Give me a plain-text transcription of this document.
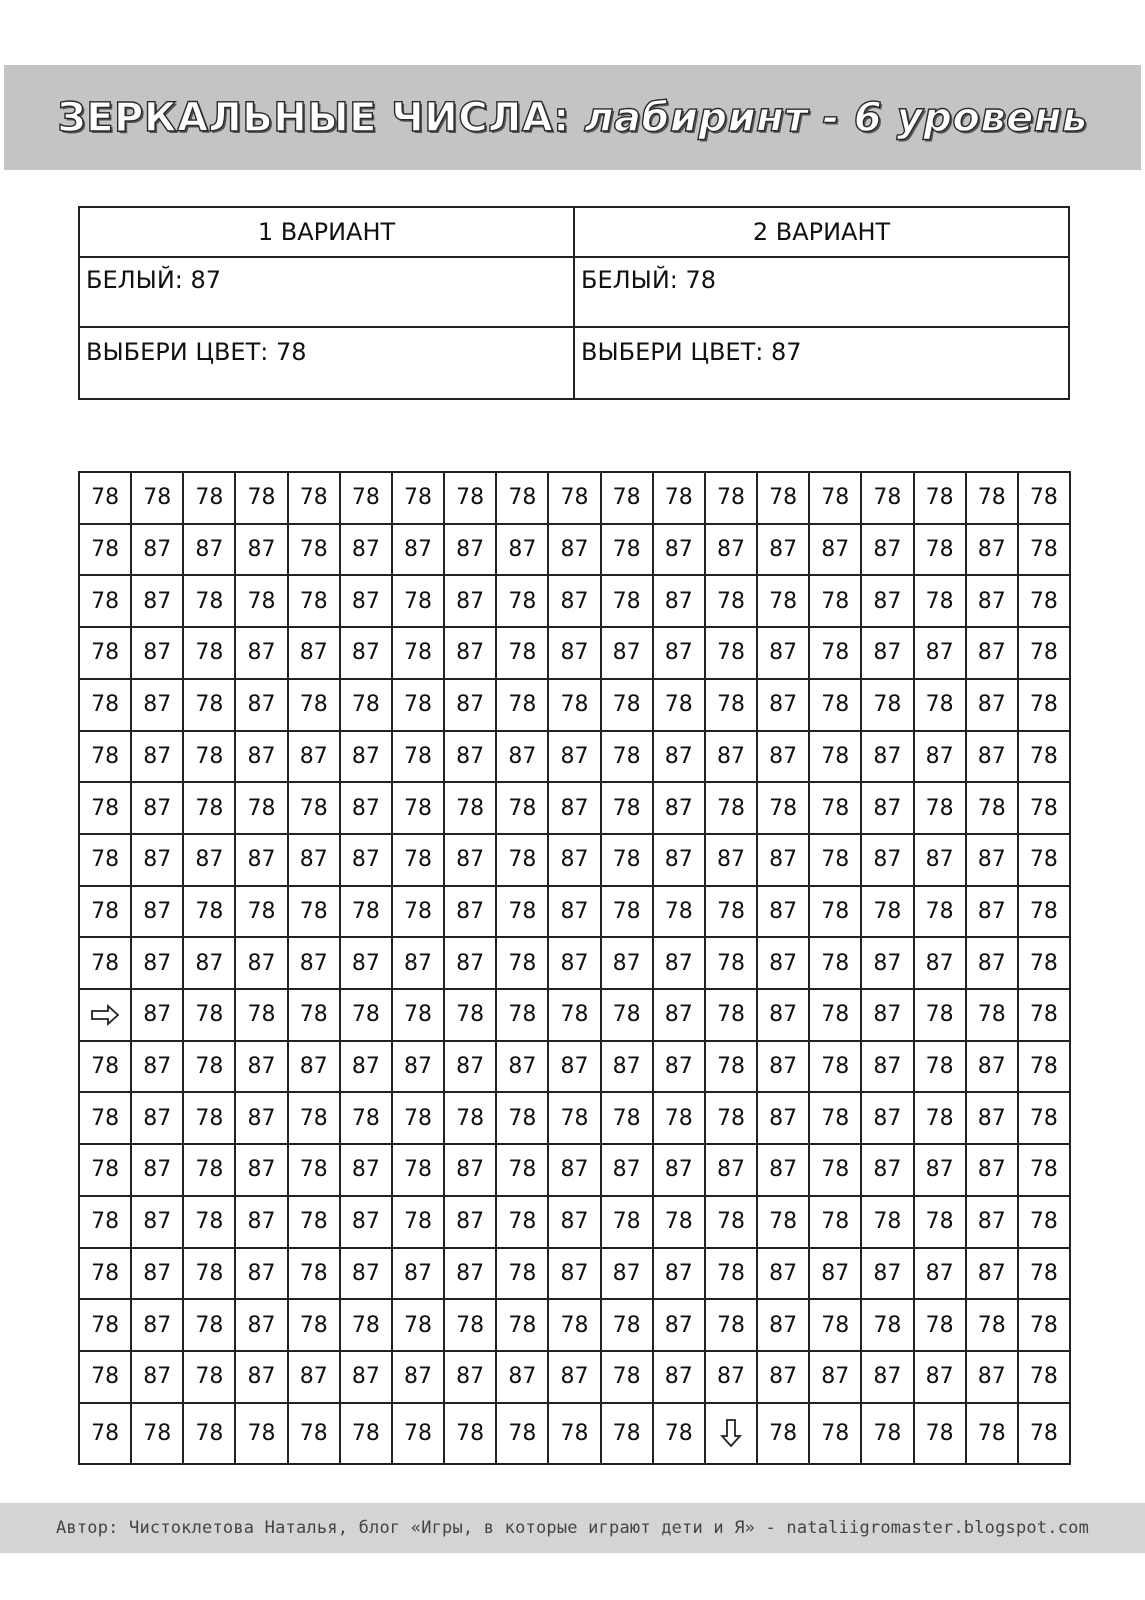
ЗЕРКАЛЬНЫЕ ЧИСЛА: лабиринт - 6 уровень
1 ВАРИАНТ	2 ВАРИАНТ
БЕЛЫЙ: 87	БЕЛЫЙ: 78
ВЫБЕРИ ЦВЕТ: 78	ВЫБЕРИ ЦВЕТ: 87
78	78	78	78	78	78	78	78	78	78	78	78	78	78	78	78	78	78	78
78	87	87	87	78	87	87	87	87	87	78	87	87	87	87	87	78	87	78
78	87	78	78	78	87	78	87	78	87	78	87	78	78	78	87	78	87	78
78	87	78	87	87	87	78	87	78	87	87	87	78	87	78	87	87	87	78
78	87	78	87	78	78	78	87	78	78	78	78	78	87	78	78	78	87	78
78	87	78	87	87	87	78	87	87	87	78	87	87	87	78	87	87	87	78
78	87	78	78	78	87	78	78	78	87	78	87	78	78	78	87	78	78	78
78	87	87	87	87	87	78	87	78	87	78	87	87	87	78	87	87	87	78
78	87	78	78	78	78	78	87	78	87	78	78	78	87	78	78	78	87	78
78	87	87	87	87	87	87	87	78	87	87	87	78	87	78	87	87	87	78
	87	78	78	78	78	78	78	78	78	78	87	78	87	78	87	78	78	78
78	87	78	87	87	87	87	87	87	87	87	87	78	87	78	87	78	87	78
78	87	78	87	78	78	78	78	78	78	78	78	78	87	78	87	78	87	78
78	87	78	87	78	87	78	87	78	87	87	87	87	87	78	87	87	87	78
78	87	78	87	78	87	78	87	78	87	78	78	78	78	78	78	78	87	78
78	87	78	87	78	87	87	87	78	87	87	87	78	87	87	87	87	87	78
78	87	78	87	78	78	78	78	78	78	78	87	78	87	78	78	78	78	78
78	87	78	87	87	87	87	87	87	87	78	87	87	87	87	87	87	87	78
78	78	78	78	78	78	78	78	78	78	78	78		78	78	78	78	78	78
Автор: Чистоклетова Наталья, блог «Игры, в которые играют дети и Я» - nataliigromaster.blogspot.com
